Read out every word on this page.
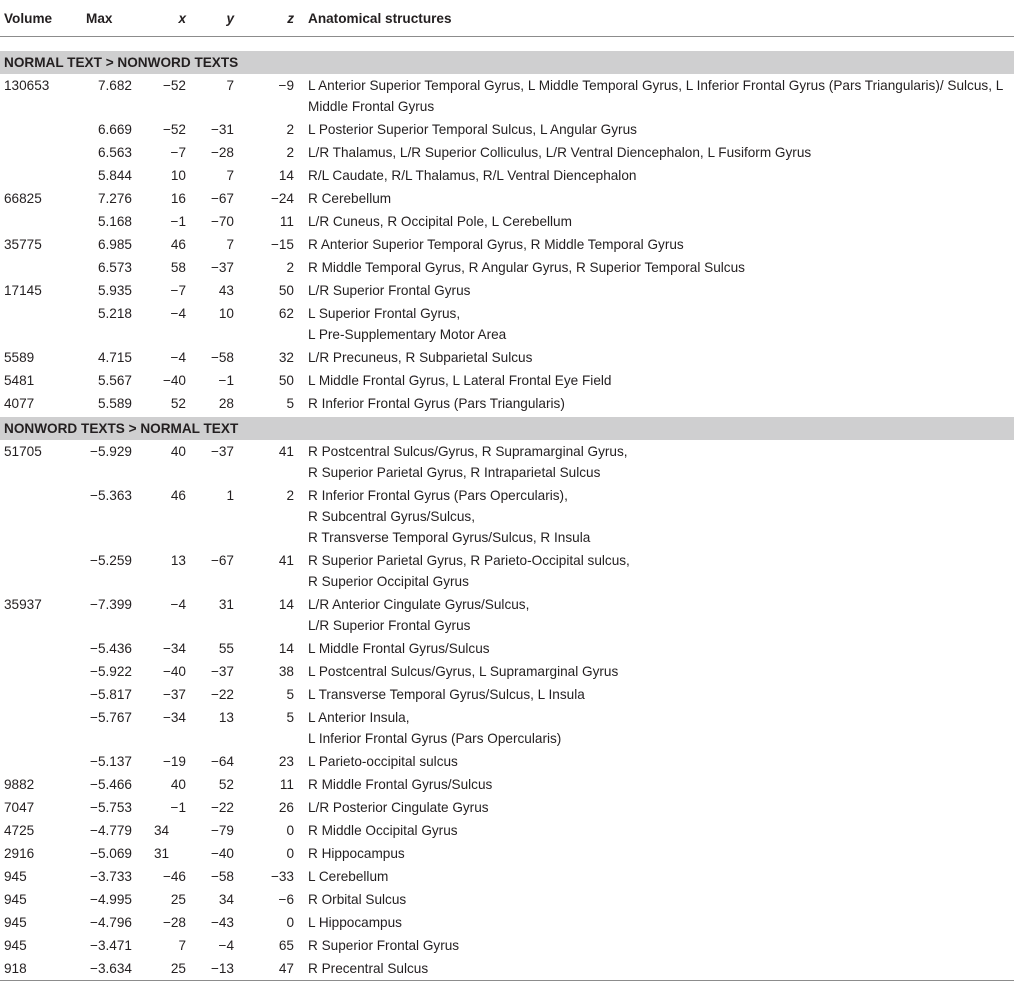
Volume	Max	x	y	z	Anatomical structures

NORMAL TEXT > NONWORD TEXTS					
130653	7.682	−52	7	−9	L Anterior Superior Temporal Gyrus, L Middle Temporal Gyrus, L Inferior Frontal Gyrus (Pars Triangularis)/ Sulcus, L Middle Frontal Gyrus
	6.669	−52	−31	2	L Posterior Superior Temporal Sulcus, L Angular Gyrus
	6.563	−7	−28	2	L/R Thalamus, L/R Superior Colliculus, L/R Ventral Diencephalon, L Fusiform Gyrus
	5.844	10	7	14	R/L Caudate, R/L Thalamus, R/L Ventral Diencephalon
66825	7.276	16	−67	−24	R Cerebellum
	5.168	−1	−70	11	L/R Cuneus, R Occipital Pole, L Cerebellum
35775	6.985	46	7	−15	R Anterior Superior Temporal Gyrus, R Middle Temporal Gyrus
	6.573	58	−37	2	R Middle Temporal Gyrus, R Angular Gyrus, R Superior Temporal Sulcus
17145	5.935	−7	43	50	L/R Superior Frontal Gyrus
	5.218	−4	10	62	L Superior Frontal Gyrus,
L Pre-Supplementary Motor Area
5589	4.715	−4	−58	32	L/R Precuneus, R Subparietal Sulcus
5481	5.567	−40	−1	50	L Middle Frontal Gyrus, L Lateral Frontal Eye Field
4077	5.589	52	28	5	R Inferior Frontal Gyrus (Pars Triangularis)

NONWORD TEXTS > NORMAL TEXT					
51705	−5.929	40	−37	41	R Postcentral Sulcus/Gyrus, R Supramarginal Gyrus,
R Superior Parietal Gyrus, R Intraparietal Sulcus
	−5.363	46	1	2	R Inferior Frontal Gyrus (Pars Opercularis),
R Subcentral Gyrus/Sulcus,
R Transverse Temporal Gyrus/Sulcus, R Insula
	−5.259	13	−67	41	R Superior Parietal Gyrus, R Parieto-Occipital sulcus,
R Superior Occipital Gyrus
35937	−7.399	−4	31	14	L/R Anterior Cingulate Gyrus/Sulcus,
L/R Superior Frontal Gyrus
	−5.436	−34	55	14	L Middle Frontal Gyrus/Sulcus
	−5.922	−40	−37	38	L Postcentral Sulcus/Gyrus, L Supramarginal Gyrus
	−5.817	−37	−22	5	L Transverse Temporal Gyrus/Sulcus, L Insula
	−5.767	−34	13	5	L Anterior Insula,
L Inferior Frontal Gyrus (Pars Opercularis)
	−5.137	−19	−64	23	L Parieto-occipital sulcus
9882	−5.466	40	52	11	R Middle Frontal Gyrus/Sulcus
7047	−5.753	−1	−22	26	L/R Posterior Cingulate Gyrus
4725	−4.779	34	−79	0	R Middle Occipital Gyrus
2916	−5.069	31	−40	0	R Hippocampus
945	−3.733	−46	−58	−33	L Cerebellum
945	−4.995	25	34	−6	R Orbital Sulcus
945	−4.796	−28	−43	0	L Hippocampus
945	−3.471	7	−4	65	R Superior Frontal Gyrus
918	−3.634	25	−13	47	R Precentral Sulcus
